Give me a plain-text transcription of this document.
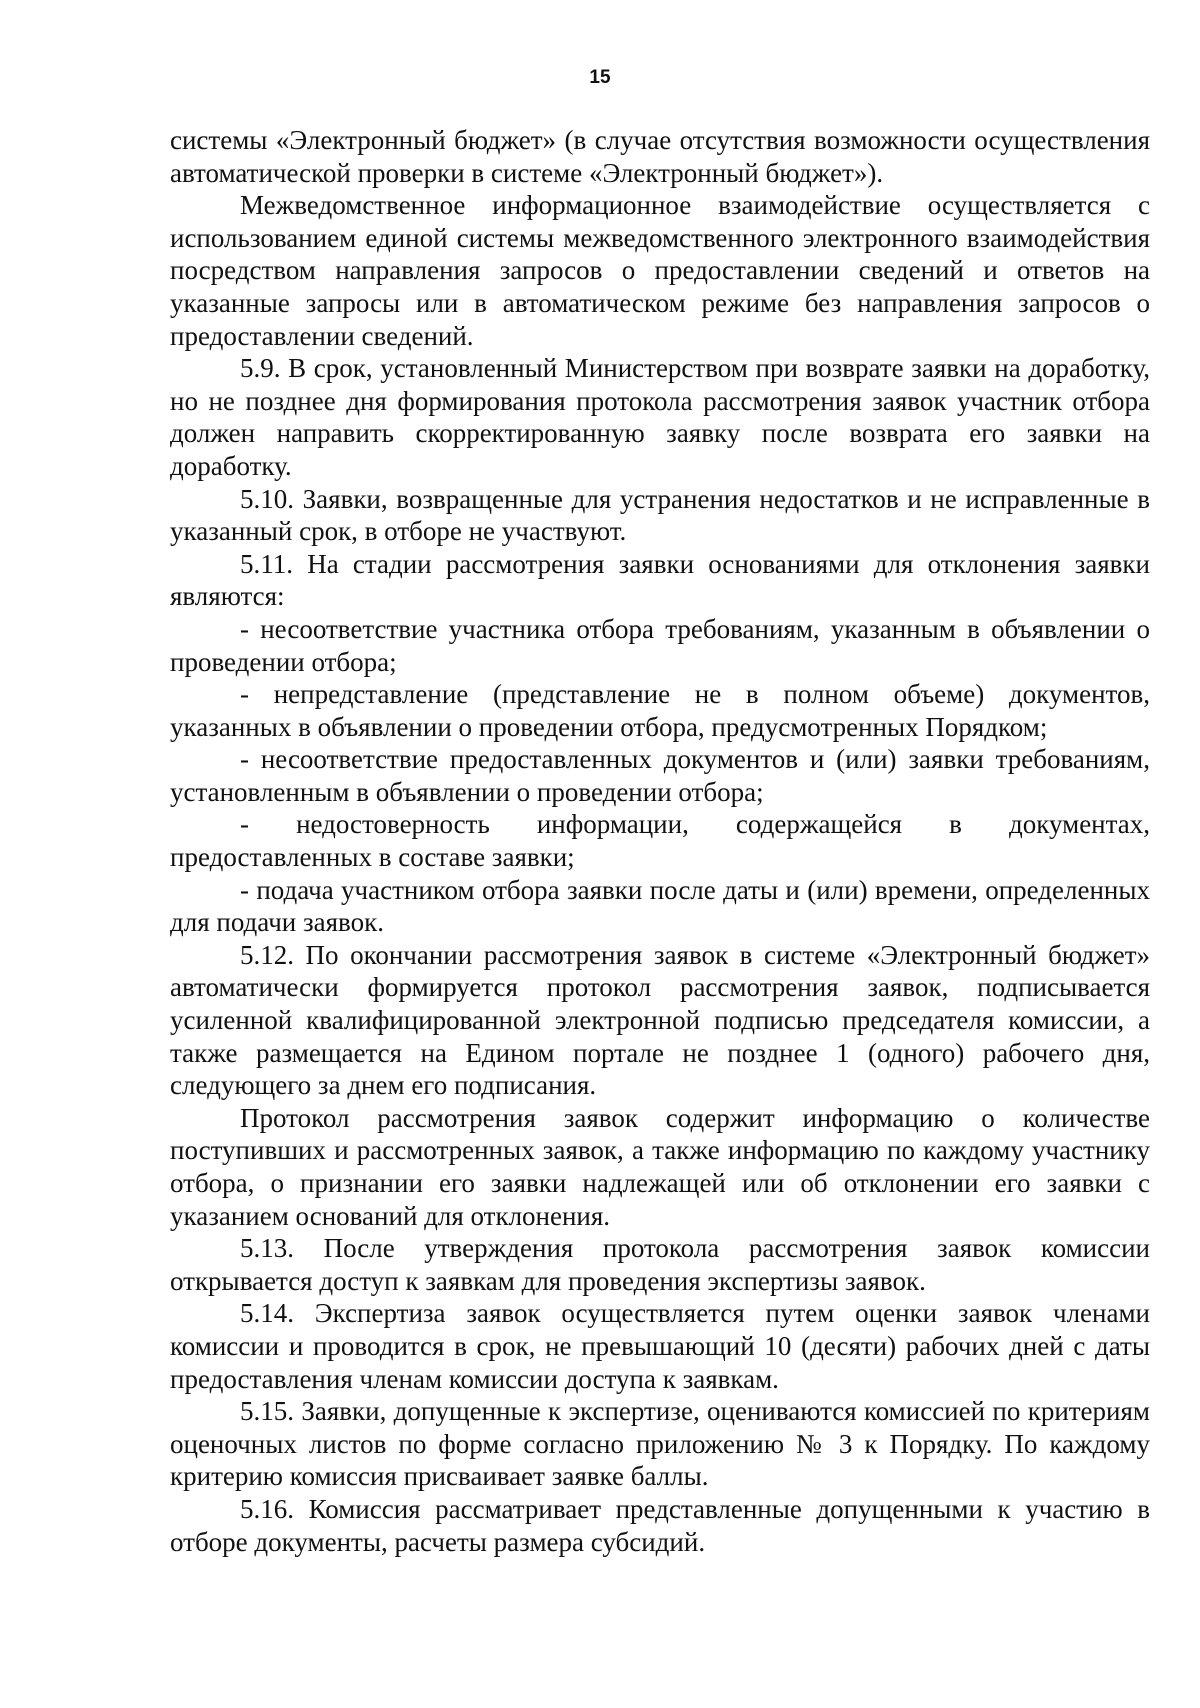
15

системы «Электронный бюджет» (в случае отсутствия возможности осуществления автоматической проверки в системе «Электронный бюджет»).

Межведомственное информационное взаимодействие осуществляется с использованием единой системы межведомственного электронного взаимодействия посредством направления запросов о предоставлении сведений и ответов на указанные запросы или в автоматическом режиме без направления запросов о предоставлении сведений.

5.9. В срок, установленный Министерством при возврате заявки на доработку, но не позднее дня формирования протокола рассмотрения заявок участник отбора должен направить скорректированную заявку после возврата его заявки на доработку.

5.10. Заявки, возвращенные для устранения недостатков и не исправленные в указанный срок, в отборе не участвуют.

5.11. На стадии рассмотрения заявки основаниями для отклонения заявки являются:

- несоответствие участника отбора требованиям, указанным в объявлении о проведении отбора;

- непредставление (представление не в полном объеме) документов, указанных в объявлении о проведении отбора, предусмотренных Порядком;

- несоответствие предоставленных документов и (или) заявки требованиям, установленным в объявлении о проведении отбора;

- недостоверность информации, содержащейся в документах, предоставленных в составе заявки;

- подача участником отбора заявки после даты и (или) времени, определенных для подачи заявок.

5.12. По окончании рассмотрения заявок в системе «Электронный бюджет» автоматически формируется протокол рассмотрения заявок, подписывается усиленной квалифицированной электронной подписью председателя комиссии, а также размещается на Едином портале не позднее 1 (одного) рабочего дня, следующего за днем его подписания.

Протокол рассмотрения заявок содержит информацию о количестве поступивших и рассмотренных заявок, а также информацию по каждому участнику отбора, о признании его заявки надлежащей или об отклонении его заявки с указанием оснований для отклонения.

5.13. После утверждения протокола рассмотрения заявок комиссии открывается доступ к заявкам для проведения экспертизы заявок.

5.14. Экспертиза заявок осуществляется путем оценки заявок членами комиссии и проводится в срок, не превышающий 10 (десяти) рабочих дней с даты предоставления членам комиссии доступа к заявкам.

5.15. Заявки, допущенные к экспертизе, оцениваются комиссией по критериям оценочных листов по форме согласно приложению № 3 к Порядку. По каждому критерию комиссия присваивает заявке баллы.

5.16. Комиссия рассматривает представленные допущенными к участию в отборе документы, расчеты размера субсидий.
